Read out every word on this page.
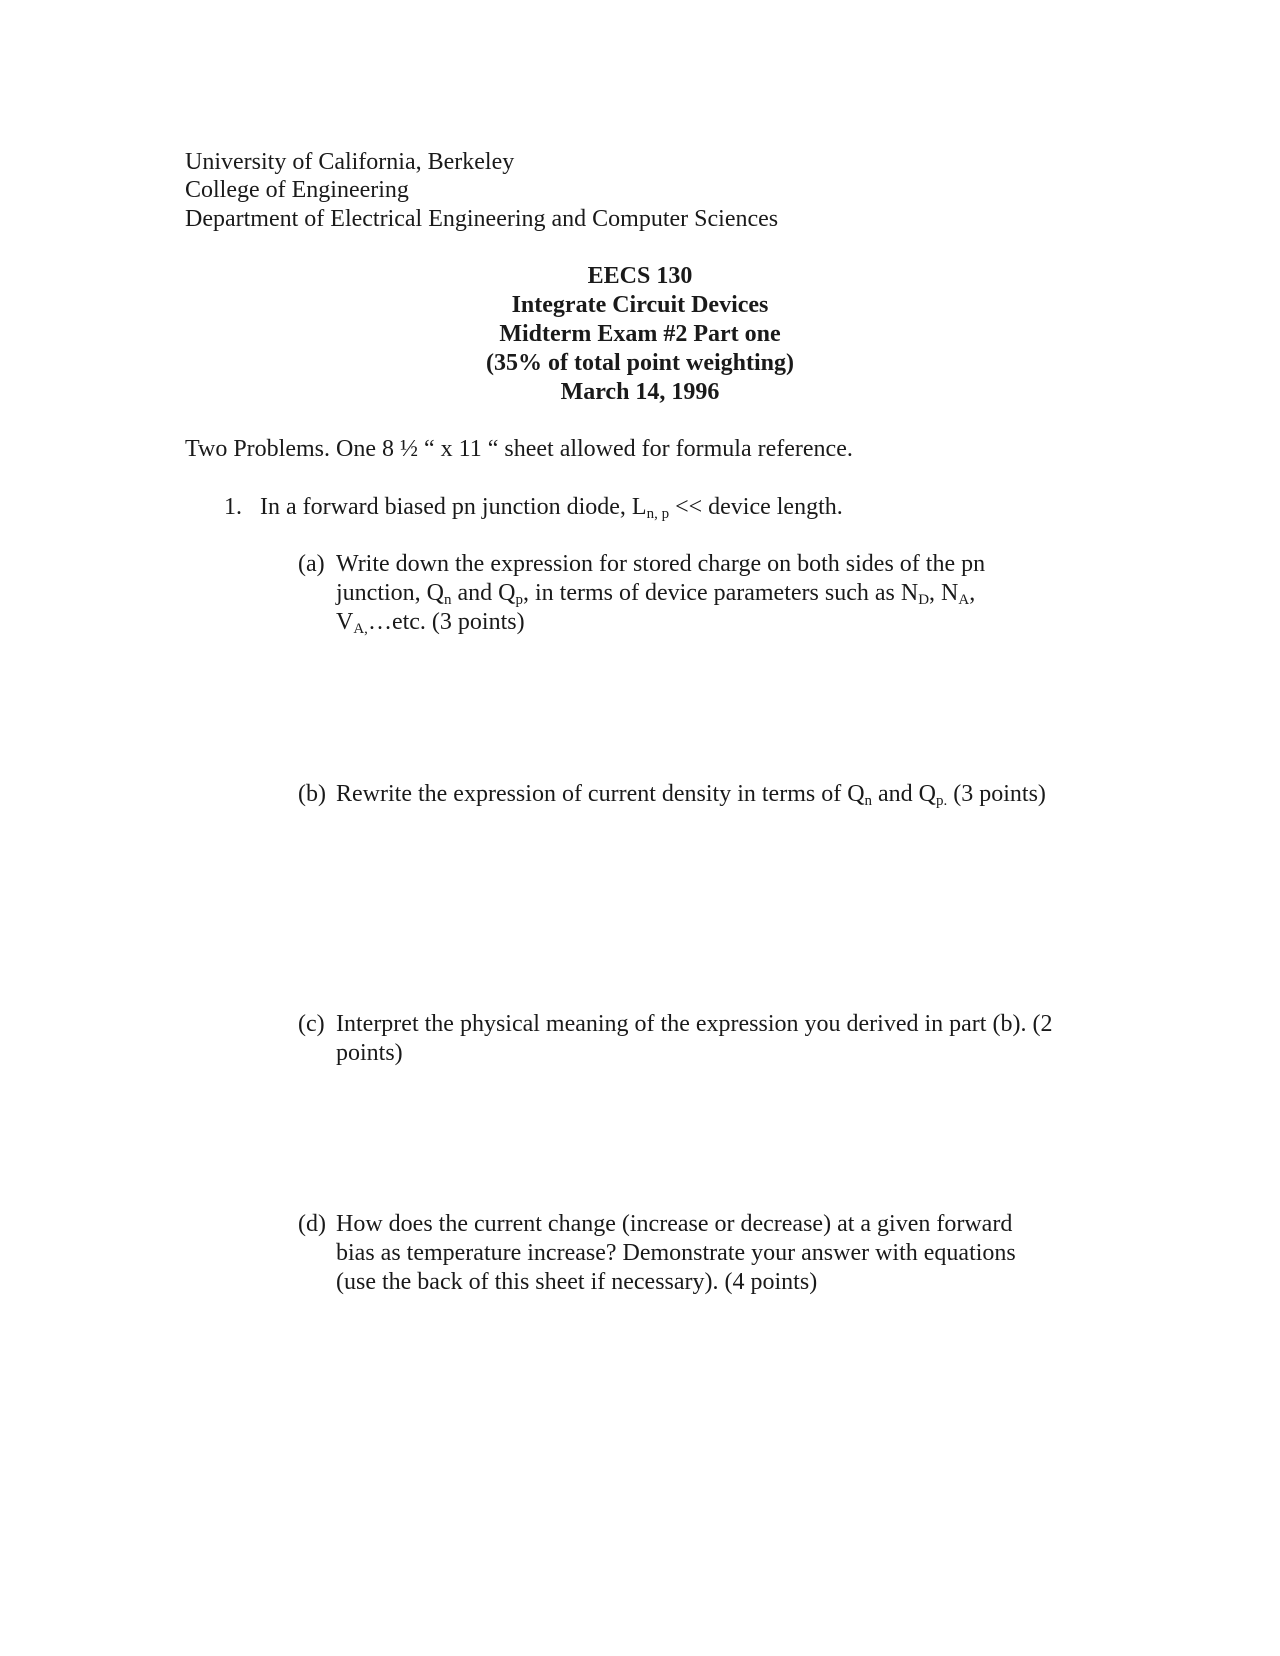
University of California, Berkeley
College of Engineering
Department of Electrical Engineering and Computer Sciences
EECS 130
Integrate Circuit Devices
Midterm Exam #2 Part one
(35% of total point weighting)
March 14, 1996
Two Problems. One 8 ½ “ x 11 “ sheet allowed for formula reference.
1. In a forward biased pn junction diode, $L_{n, p}$ << device length.
(a) Write down the expression for stored charge on both sides of the pn
junction, $Q_n$ and $Q_p$, in terms of device parameters such as $N_D$, $N_A$,
$V_{A,}\dots etc$. (3 points)
(b) Rewrite the expression of current density in terms of $Q_n$ and $Q_{p.}$ (3 points)
(c) Interpret the physical meaning of the expression you derived in part (b). (2
points)
(d) How does the current change (increase or decrease) at a given forward
bias as temperature increase? Demonstrate your answer with equations
(use the back of this sheet if necessary). (4 points)
